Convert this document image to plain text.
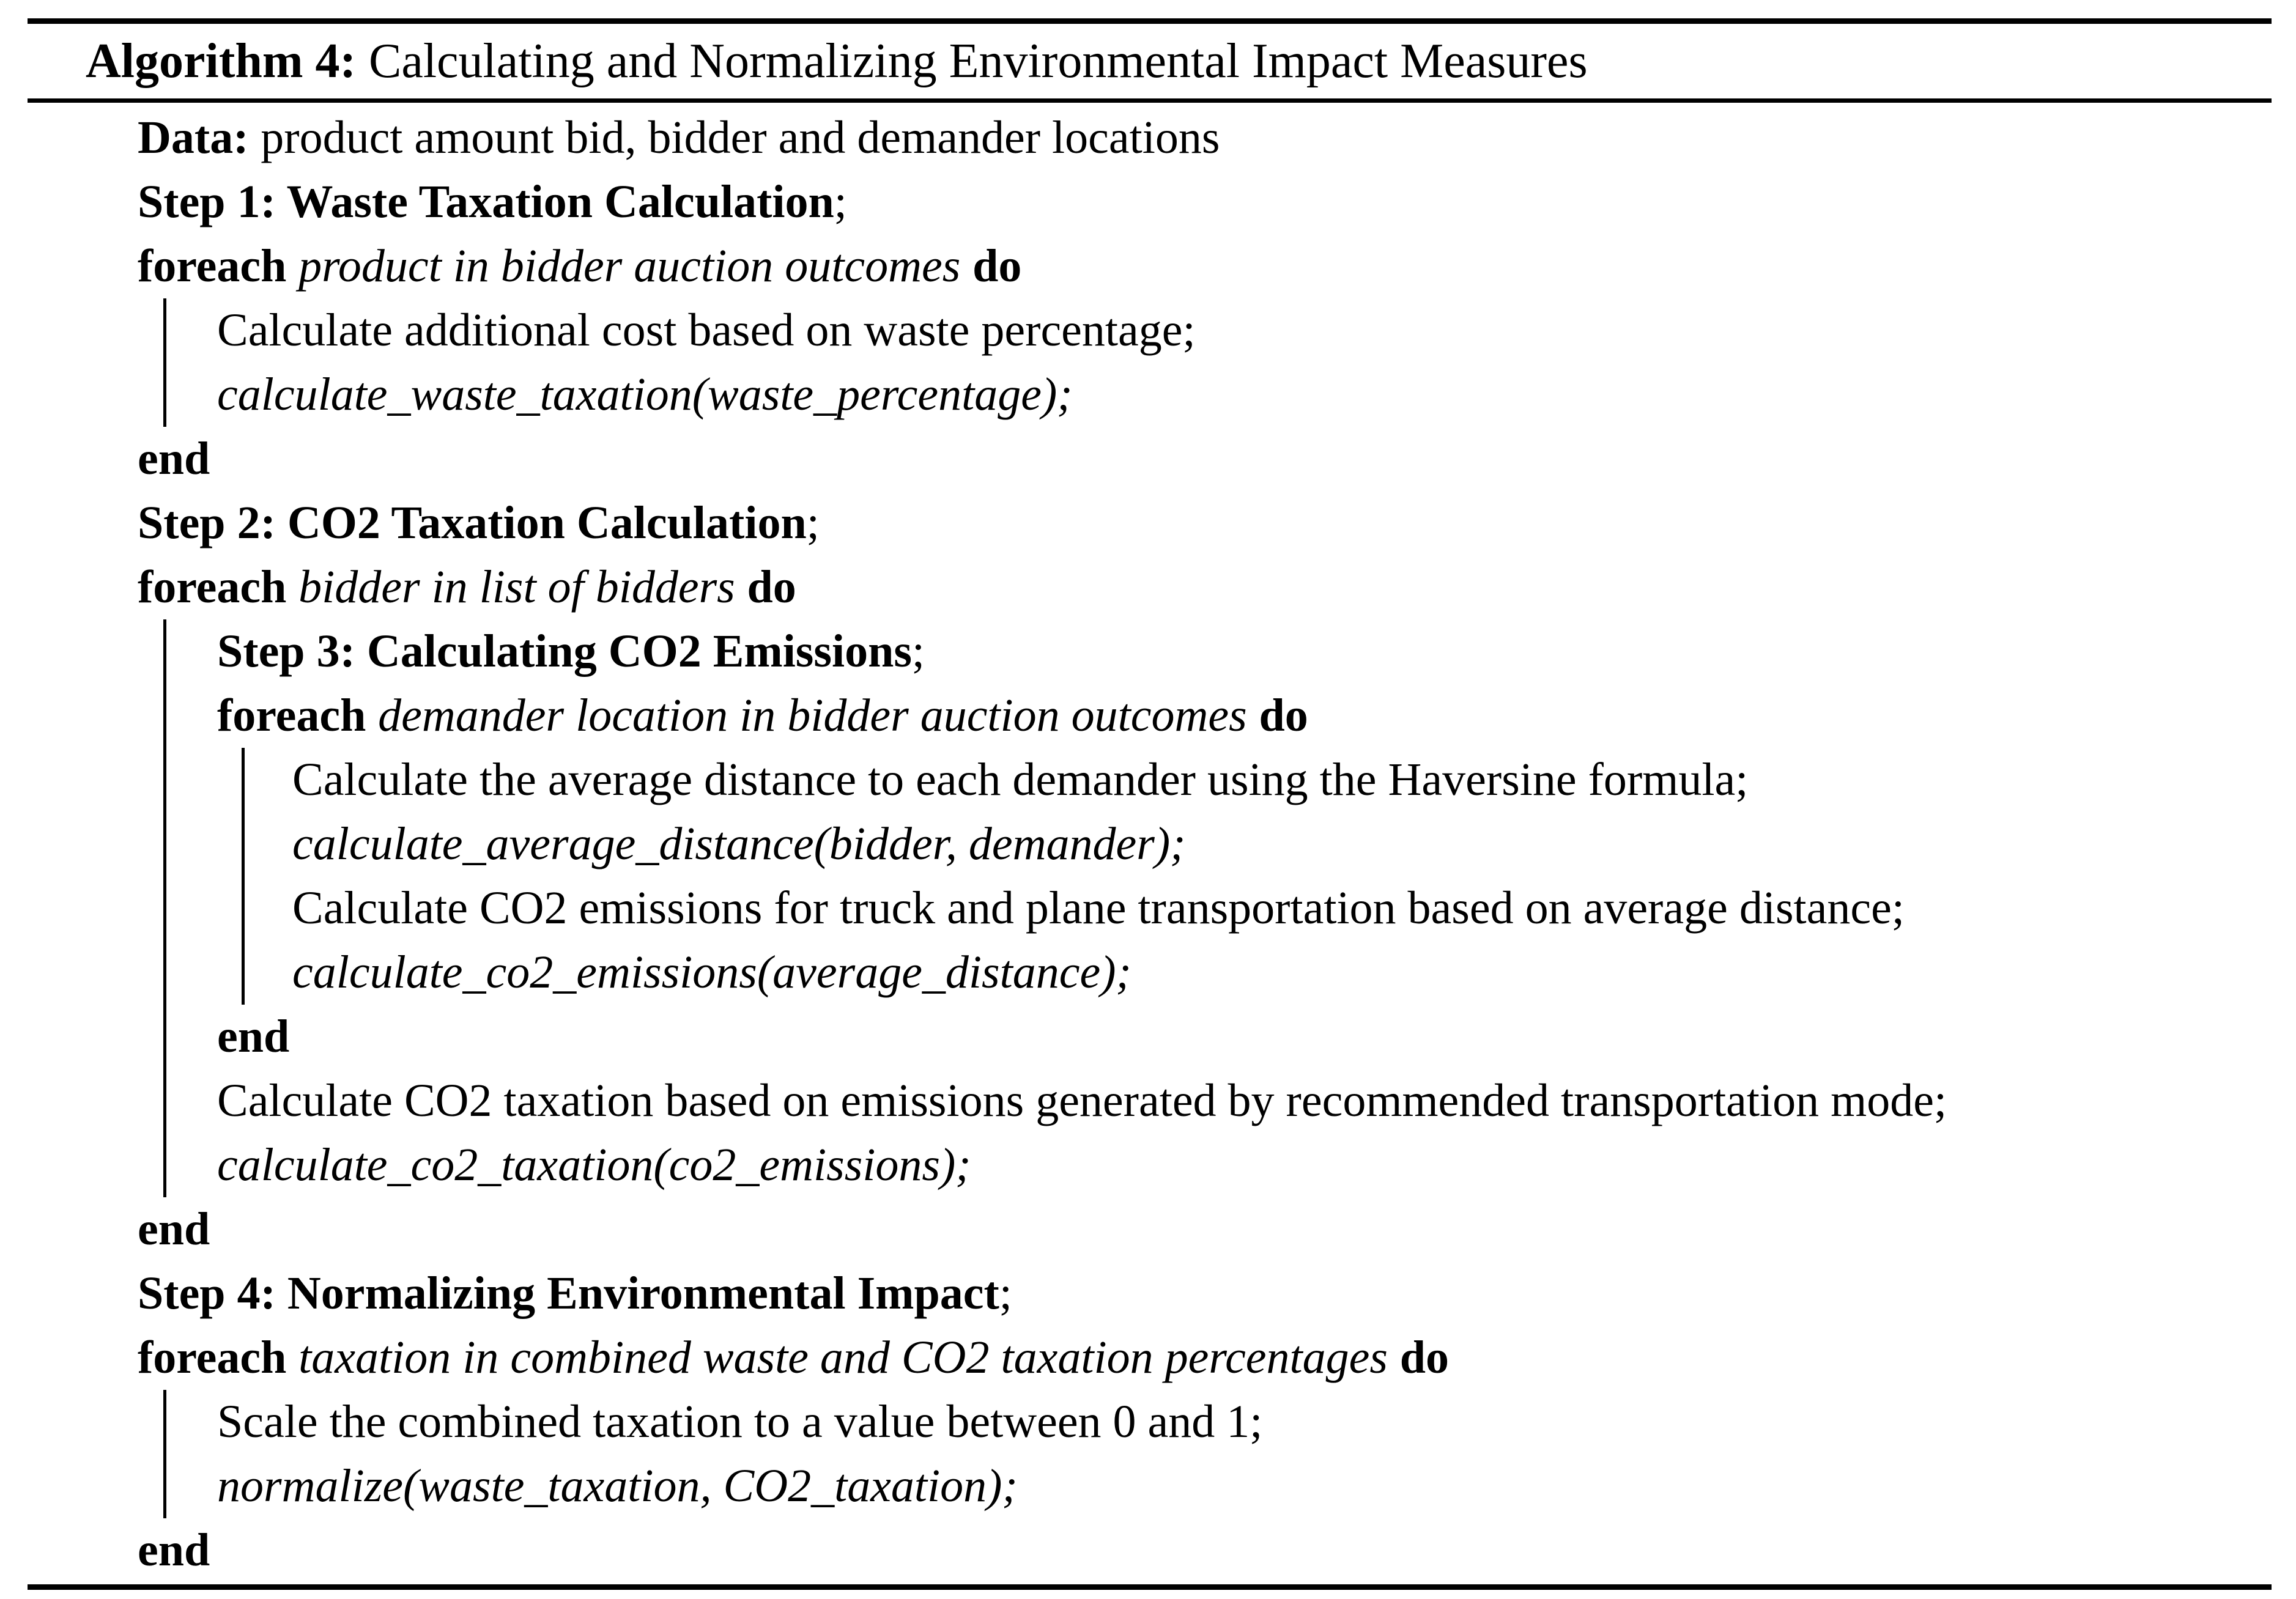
Algorithm 4: Calculating and Normalizing Environmental Impact Measures
Data: product amount bid, bidder and demander locations
Step 1: Waste Taxation Calculation;
foreach product in bidder auction outcomes do
Calculate additional cost based on waste percentage;
calculate_waste_taxation(waste_percentage);
end
Step 2: CO2 Taxation Calculation;
foreach bidder in list of bidders do
Step 3: Calculating CO2 Emissions;
foreach demander location in bidder auction outcomes do
Calculate the average distance to each demander using the Haversine formula;
calculate_average_distance(bidder, demander);
Calculate CO2 emissions for truck and plane transportation based on average distance;
calculate_co2_emissions(average_distance);
end
Calculate CO2 taxation based on emissions generated by recommended transportation mode;
calculate_co2_taxation(co2_emissions);
end
Step 4: Normalizing Environmental Impact;
foreach taxation in combined waste and CO2 taxation percentages do
Scale the combined taxation to a value between 0 and 1;
normalize(waste_taxation, CO2_taxation);
end
